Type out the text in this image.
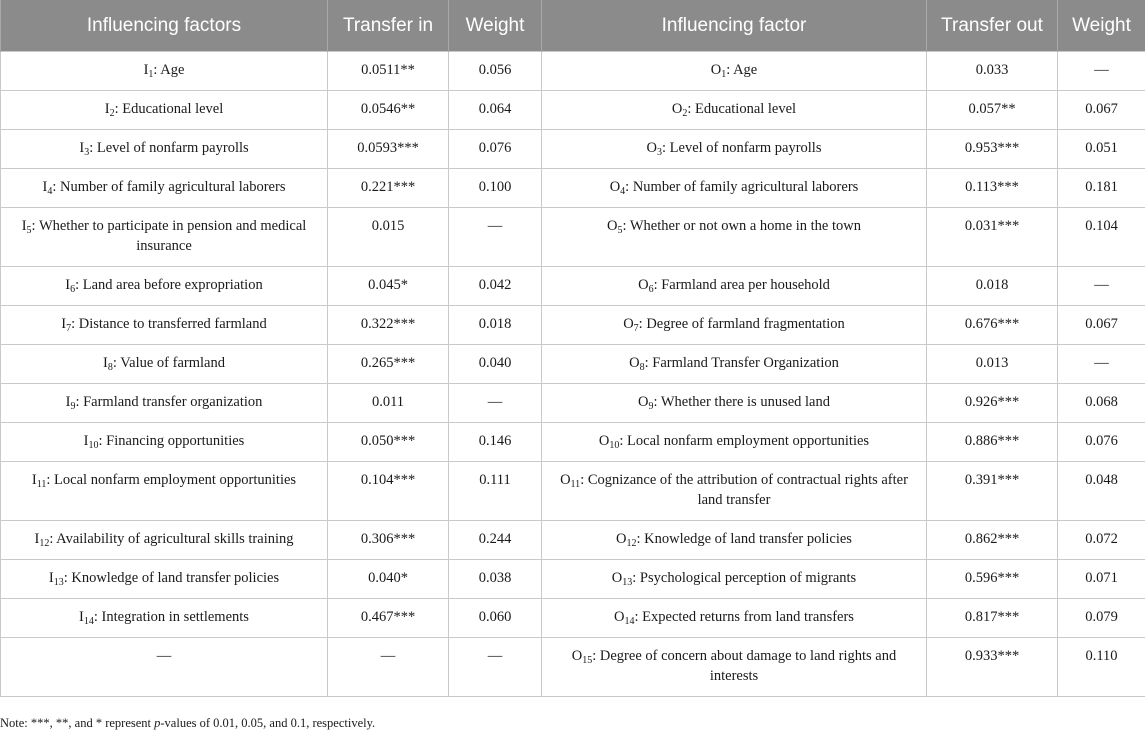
Influencing factors	Transfer in	Weight	Influencing factor	Transfer out	Weight
$I_1$: Age	0.0511**	0.056	$O_1$: Age	0.033	—
$I_2$: Educational level	0.0546**	0.064	$O_2$: Educational level	0.057**	0.067
$I_3$: Level of nonfarm payrolls	0.0593***	0.076	$O_3$: Level of nonfarm payrolls	0.953***	0.051
$I_4$: Number of family agricultural laborers	0.221***	0.100	$O_4$: Number of family agricultural laborers	0.113***	0.181
$I_5$: Whether to participate in pension and medical insurance	0.015	—	$O_5$: Whether or not own a home in the town	0.031***	0.104
$I_6$: Land area before expropriation	0.045*	0.042	$O_6$: Farmland area per household	0.018	—
$I_7$: Distance to transferred farmland	0.322***	0.018	$O_7$: Degree of farmland fragmentation	0.676***	0.067
$I_8$: Value of farmland	0.265***	0.040	$O_8$: Farmland Transfer Organization	0.013	—
$I_9$: Farmland transfer organization	0.011	—	$O_9$: Whether there is unused land	0.926***	0.068
$I_{10}$: Financing opportunities	0.050***	0.146	$O_{10}$: Local nonfarm employment opportunities	0.886***	0.076
$I_{11}$: Local nonfarm employment opportunities	0.104***	0.111	$O_{11}$: Cognizance of the attribution of contractual rights after land transfer	0.391***	0.048
$I_{12}$: Availability of agricultural skills training	0.306***	0.244	$O_{12}$: Knowledge of land transfer policies	0.862***	0.072
$I_{13}$: Knowledge of land transfer policies	0.040*	0.038	$O_{13}$: Psychological perception of migrants	0.596***	0.071
$I_{14}$: Integration in settlements	0.467***	0.060	$O_{14}$: Expected returns from land transfers	0.817***	0.079
—	—	—	$O_{15}$: Degree of concern about damage to land rights and interests	0.933***	0.110
Note: ***, **, and * represent p-values of 0.01, 0.05, and 0.1, respectively.
